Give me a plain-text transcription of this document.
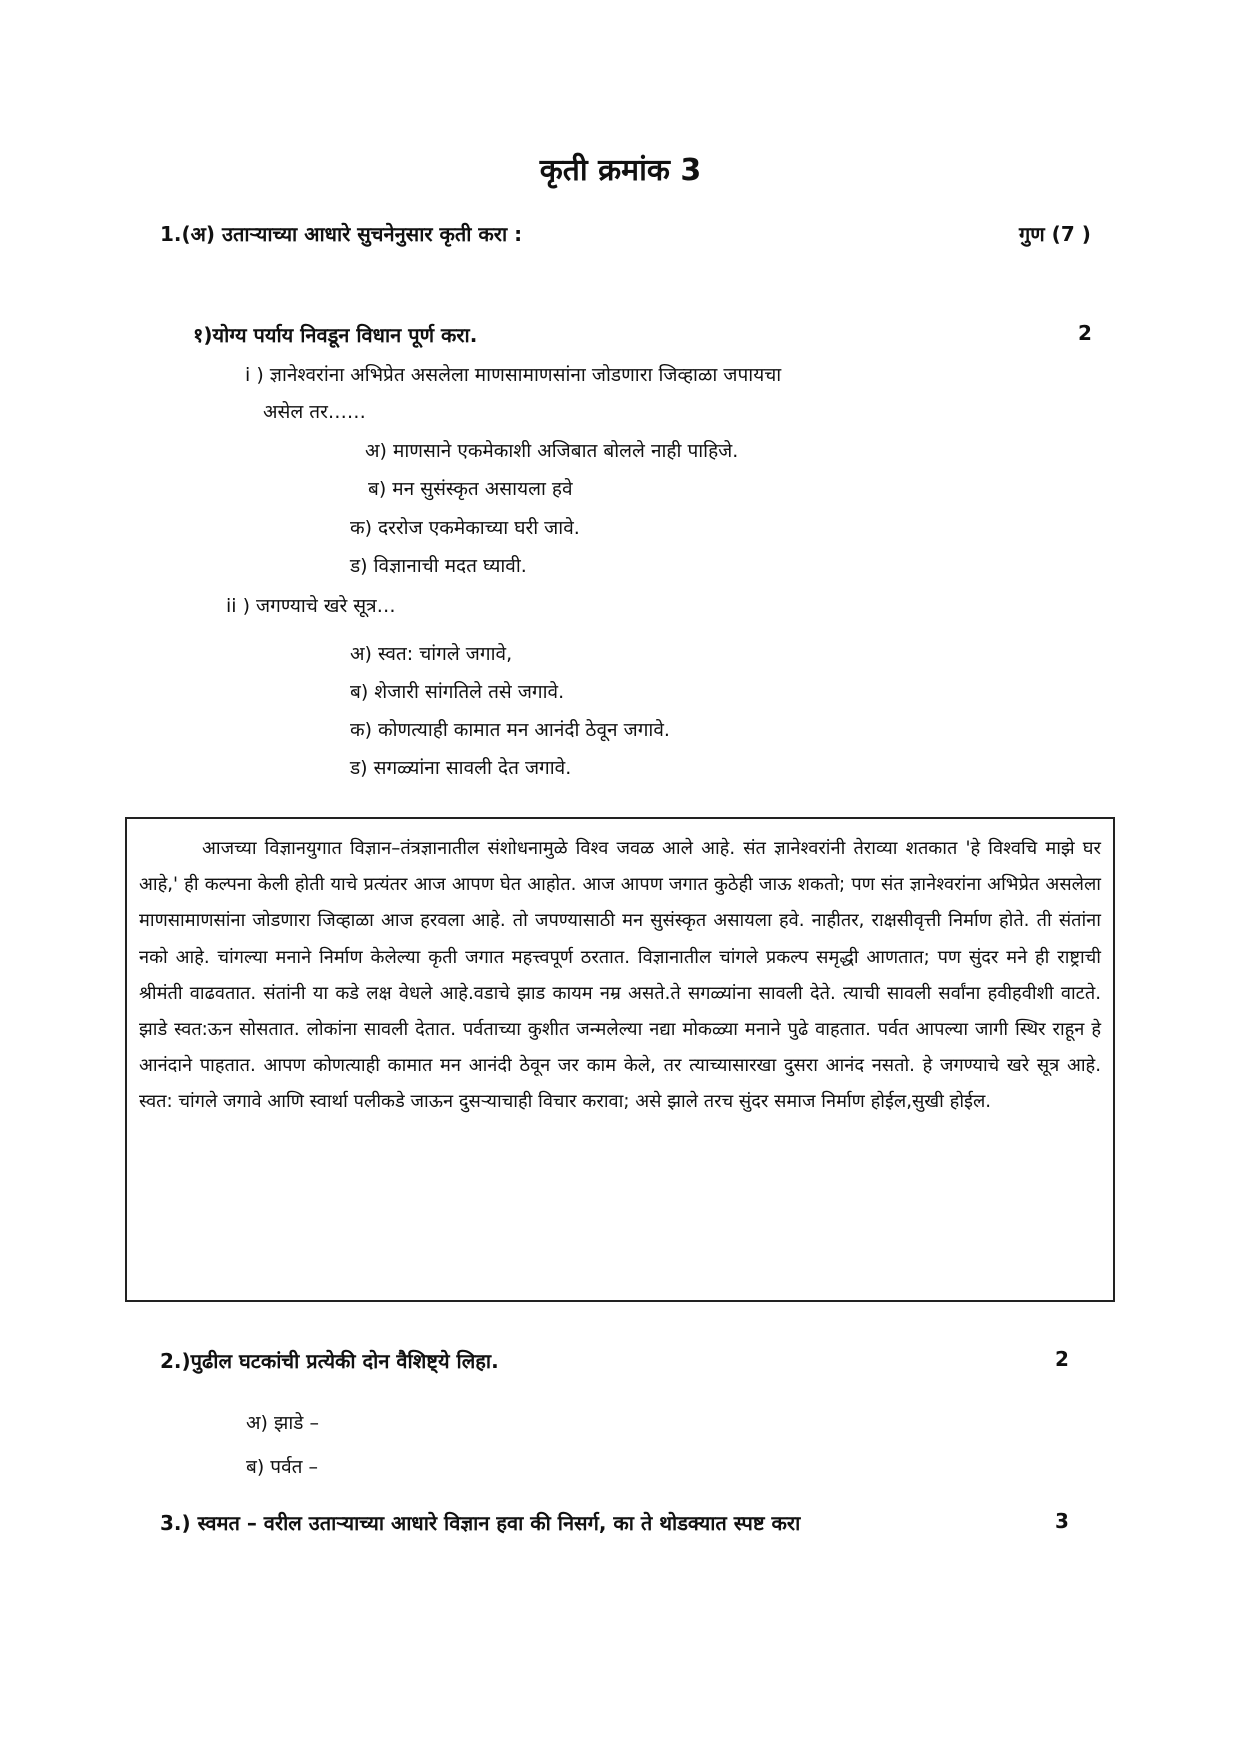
कृती क्रमांक 3
1.(अ) उताऱ्याच्या आधारे सुचनेनुसार कृती करा :	गुण (7 )
१)योग्य पर्याय निवडून विधान पूर्ण करा.	2
i ) ज्ञानेश्वरांना अभिप्रेत असलेला माणसामाणसांना जोडणारा जिव्हाळा जपायचा
असेल तर……
अ) माणसाने एकमेकाशी अजिबात बोलले नाही पाहिजे.
ब) मन सुसंस्कृत असायला हवे
क) दररोज एकमेकाच्या घरी जावे.
ड) विज्ञानाची मदत घ्यावी.
ii ) जगण्याचे खरे सूत्र…
अ) स्वत: चांगले जगावे,
ब) शेजारी सांगतिले तसे जगावे.
क) कोणत्याही कामात मन आनंदी ठेवून जगावे.
ड) सगळ्यांना सावली देत जगावे.

आजच्या विज्ञानयुगात विज्ञान–तंत्रज्ञानातील संशोधनामुळे विश्व जवळ आले आहे. संत ज्ञानेश्वरांनी तेराव्या शतकात 'हे विश्वचि माझे घर आहे,' ही कल्पना केली होती याचे प्रत्यंतर आज आपण घेत आहोत. आज आपण जगात कुठेही जाऊ शकतो; पण संत ज्ञानेश्वरांना अभिप्रेत असलेला माणसामाणसांना जोडणारा जिव्हाळा आज हरवला आहे. तो जपण्यासाठी मन सुसंस्कृत असायला हवे. नाहीतर, राक्षसीवृत्ती निर्माण होते. ती संतांना नको आहे. चांगल्या मनाने निर्माण केलेल्या कृती जगात महत्त्वपूर्ण ठरतात. विज्ञानातील चांगले प्रकल्प समृद्धी आणतात; पण सुंदर मने ही राष्ट्राची श्रीमंती वाढवतात. संतांनी या कडे लक्ष वेधले आहे.वडाचे झाड कायम नम्र असते.ते सगळ्यांना सावली देते. त्याची सावली सर्वांना हवीहवीशी वाटते. झाडे स्वत:ऊन सोसतात. लोकांना सावली देतात. पर्वताच्या कुशीत जन्मलेल्या नद्या मोकळ्या मनाने पुढे वाहतात. पर्वत आपल्या जागी स्थिर राहून हे आनंदाने पाहतात. आपण कोणत्याही कामात मन आनंदी ठेवून जर काम केले, तर त्याच्यासारखा दुसरा आनंद नसतो. हे जगण्याचे खरे सूत्र आहे. स्वत: चांगले जगावे आणि स्वार्था पलीकडे जाऊन दुसऱ्याचाही विचार करावा; असे झाले तरच सुंदर समाज निर्माण होईल,सुखी होईल.

2.)पुढील घटकांची प्रत्येकी दोन वैशिष्ट्ये लिहा.	2
अ) झाडे –
ब) पर्वत –
3.) स्वमत – वरील उताऱ्याच्या आधारे विज्ञान हवा की निसर्ग, का ते थोडक्यात स्पष्ट करा	3
